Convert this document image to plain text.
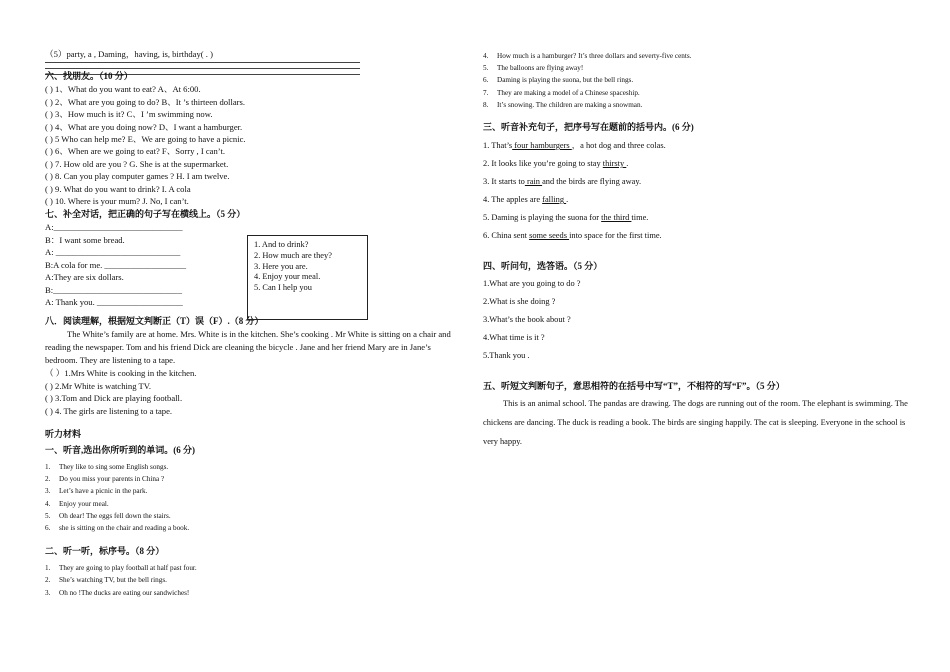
（5）party, a , Daming，having, is, birthday( . )
六、找朋友。（10 分）
( ) 1、What do you want to eat? A、At 6:00.
( ) 2、What are you going to do? B、It ’s thirteen dollars.
( ) 3、How much is it? C、I ’m swimming now.
( ) 4、What are you doing now? D、I want a hamburger.
( ) 5 Who can help me? E、We are going to have a picnic.
( ) 6、When are we going to eat? F、Sorry , I can’t.
( ) 7. How old are you ? G. She is at the supermarket.
( ) 8. Can you play computer games ? H. I am twelve.
( ) 9. What do you want to drink? I. A cola
( ) 10. Where is your mum? J. No, I can’t.
七、补全对话，把正确的句子写在横线上。（5 分）
A:______________________________
B：I want some bread.
A: _____________________________
B:A cola for me. ___________________
A:They are six dollars.
B:______________________________
A: Thank you. ____________________
八．阅读理解，根据短文判断正（T）误（F）.（8 分）
The White’s family are at home. Mrs. White is in the kitchen. She’s cooking . Mr White is sitting on a chair and reading the newspaper. Tom and his friend Dick are cleaning the bicycle . Jane and her friend Mary are in Jane’s bedroom. They are listening to a tape.
（ ）1.Mrs White is cooking in the kitchen.
( ) 2.Mr White is watching TV.
( ) 3.Tom and Dick are playing football.
( ) 4. The girls are listening to a tape.
听力材料
一、听音,选出你所听到的单词。(6 分)
1. They like to sing some English songs.
2. Do you miss your parents in China ?
3. Let’s have a picnic in the park.
4. Enjoy your meal.
5. Oh dear! The eggs fell down the stairs.
6. she is sitting on the chair and reading a book.
二、听一听，标序号。（8 分）
1. They are going to play football at half past four.
2. She’s watching TV, but the bell rings.
3. Oh no !The ducks are eating our sandwiches!
1. And to drink?
2. How much are they?
3. Here you are.
4. Enjoy your meal.
5. Can I help you
4. How much is a hamburger? It’s three dollars and severty-five cents.
5. The balloons are flying away!
6. Daming is playing the suona, but the bell rings.
7. They are making a model of a Chinese spaceship.
8. It’s snowing. The children are making a snowman.
三、听音补充句子，把序号写在题前的括号内。(6 分)
1. That’s four hamburgers ，a hot dog and three colas.
2. It looks like you’re going to stay thirsty .
3. It starts to rain and the birds are flying away.
4. The apples are falling .
5. Daming is playing the suona for the third time.
6. China sent some seeds into space for the first time.
四、听问句，选答语。（5 分）
1.What are you going to do ?
2.What is she doing ?
3.What’s the book about ?
4.What time is it ?
5.Thank you .
五、听短文判断句子，意思相符的在括号中写“T”，不相符的写“F”。（5 分）
This is an animal school. The pandas are drawing. The dogs are running out of the room. The elephant is swimming. The chickens are dancing. The duck is reading a book. The birds are singing happily. The cat is sleeping. Everyone in the school is very happy.
